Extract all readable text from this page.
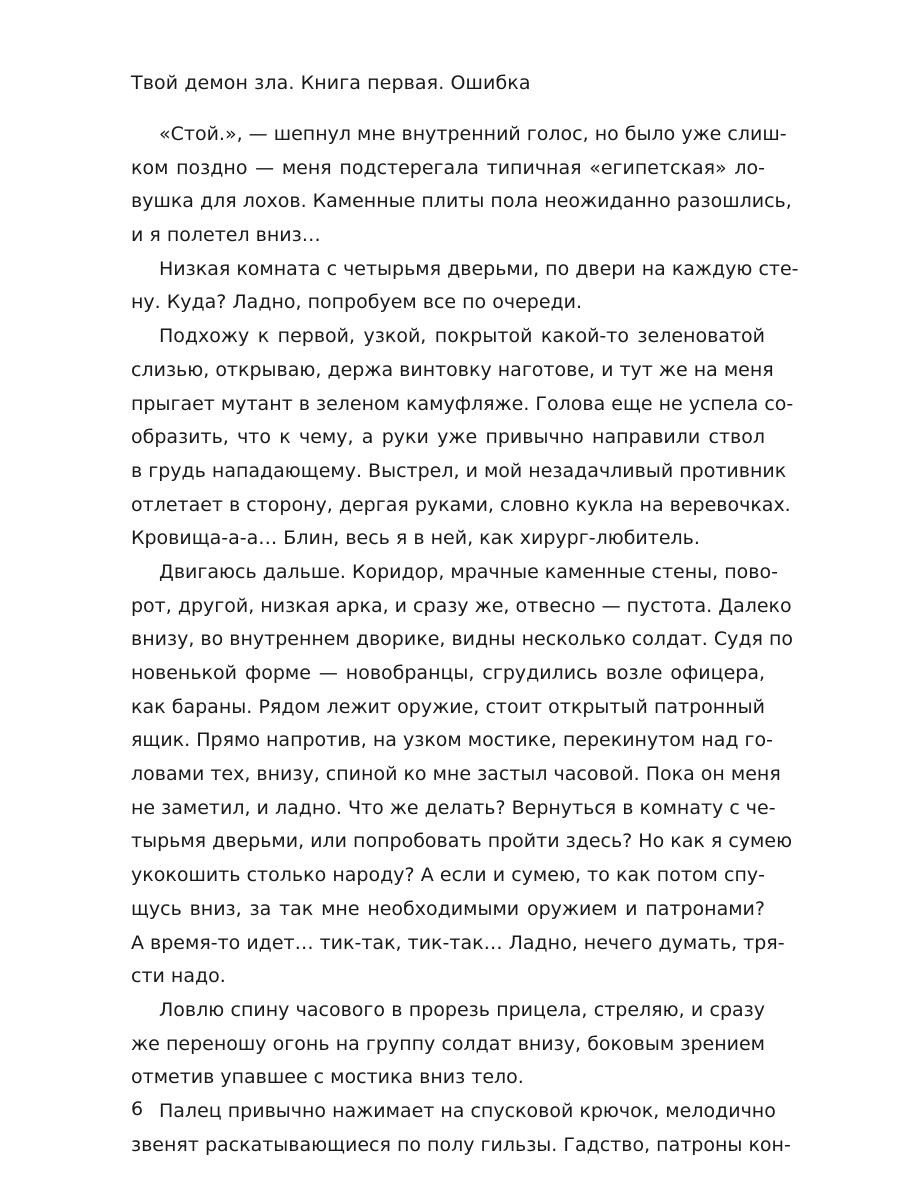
Твой демон зла. Книга первая. Ошибка
«Стой.», — шепнул мне внутренний голос, но было уже слиш-
ком поздно — меня подстерегала типичная «египетская» ло-
вушка для лохов. Каменные плиты пола неожиданно разошлись,
и я полетел вниз…
Низкая комната с четырьмя дверьми, по двери на каждую сте-
ну. Куда? Ладно, попробуем все по очереди.
Подхожу к первой, узкой, покрытой какой-то зеленоватой
слизью, открываю, держа винтовку наготове, и тут же на меня
прыгает мутант в зеленом камуфляже. Голова еще не успела со-
образить, что к чему, а руки уже привычно направили ствол
в грудь нападающему. Выстрел, и мой незадачливый противник
отлетает в сторону, дергая руками, словно кукла на веревочках.
Кровища-а-а… Блин, весь я в ней, как хирург-любитель.
Двигаюсь дальше. Коридор, мрачные каменные стены, пово-
рот, другой, низкая арка, и сразу же, отвесно — пустота. Далеко
внизу, во внутреннем дворике, видны несколько солдат. Судя по
новенькой форме — новобранцы, сгрудились возле офицера,
как бараны. Рядом лежит оружие, стоит открытый патронный
ящик. Прямо напротив, на узком мостике, перекинутом над го-
ловами тех, внизу, спиной ко мне застыл часовой. Пока он меня
не заметил, и ладно. Что же делать? Вернуться в комнату с че-
тырьмя дверьми, или попробовать пройти здесь? Но как я сумею
укокошить столько народу? А если и сумею, то как потом спу-
щусь вниз, за так мне необходимыми оружием и патронами?
А время-то идет… тик-так, тик-так… Ладно, нечего думать, тря-
сти надо.
Ловлю спину часового в прорезь прицела, стреляю, и сразу
же переношу огонь на группу солдат внизу, боковым зрением
отметив упавшее с мостика вниз тело.
Палец привычно нажимает на спусковой крючок, мелодично
звенят раскатывающиеся по полу гильзы. Гадство, патроны кон-
6
